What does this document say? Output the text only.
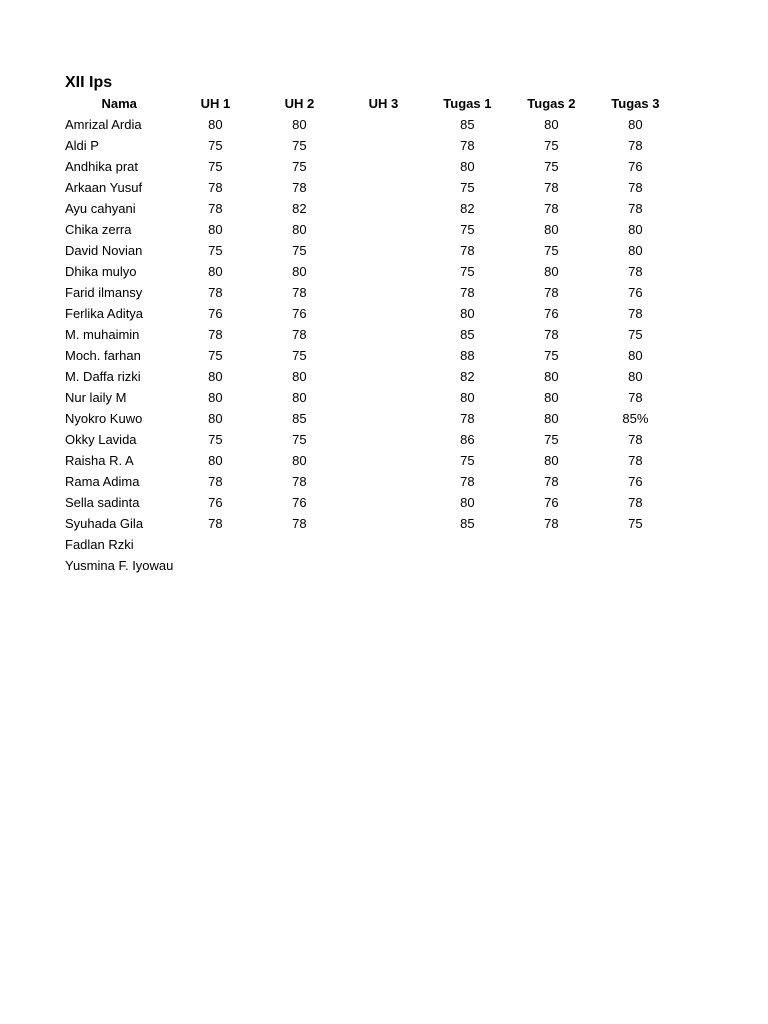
XII Ips
Nama	UH 1	UH 2	UH 3	Tugas 1	Tugas 2	Tugas 3
Amrizal Ardia	80	80		85	80	80
Aldi P	75	75		78	75	78
Andhika prat	75	75		80	75	76
Arkaan Yusuf	78	78		75	78	78
Ayu cahyani	78	82		82	78	78
Chika zerra	80	80		75	80	80
David Novian	75	75		78	75	80
Dhika mulyo	80	80		75	80	78
Farid ilmansy	78	78		78	78	76
Ferlika Aditya	76	76		80	76	78
M. muhaimin	78	78		85	78	75
Moch. farhan	75	75		88	75	80
M. Daffa rizki	80	80		82	80	80
Nur laily M	80	80		80	80	78
Nyokro Kuwo	80	85		78	80	85%
Okky Lavida	75	75		86	75	78
Raisha R. A	80	80		75	80	78
Rama Adima	78	78		78	78	76
Sella sadinta	76	76		80	76	78
Syuhada Gila	78	78		85	78	75
Fadlan Rzki						
Yusmina F. Iyowau						
